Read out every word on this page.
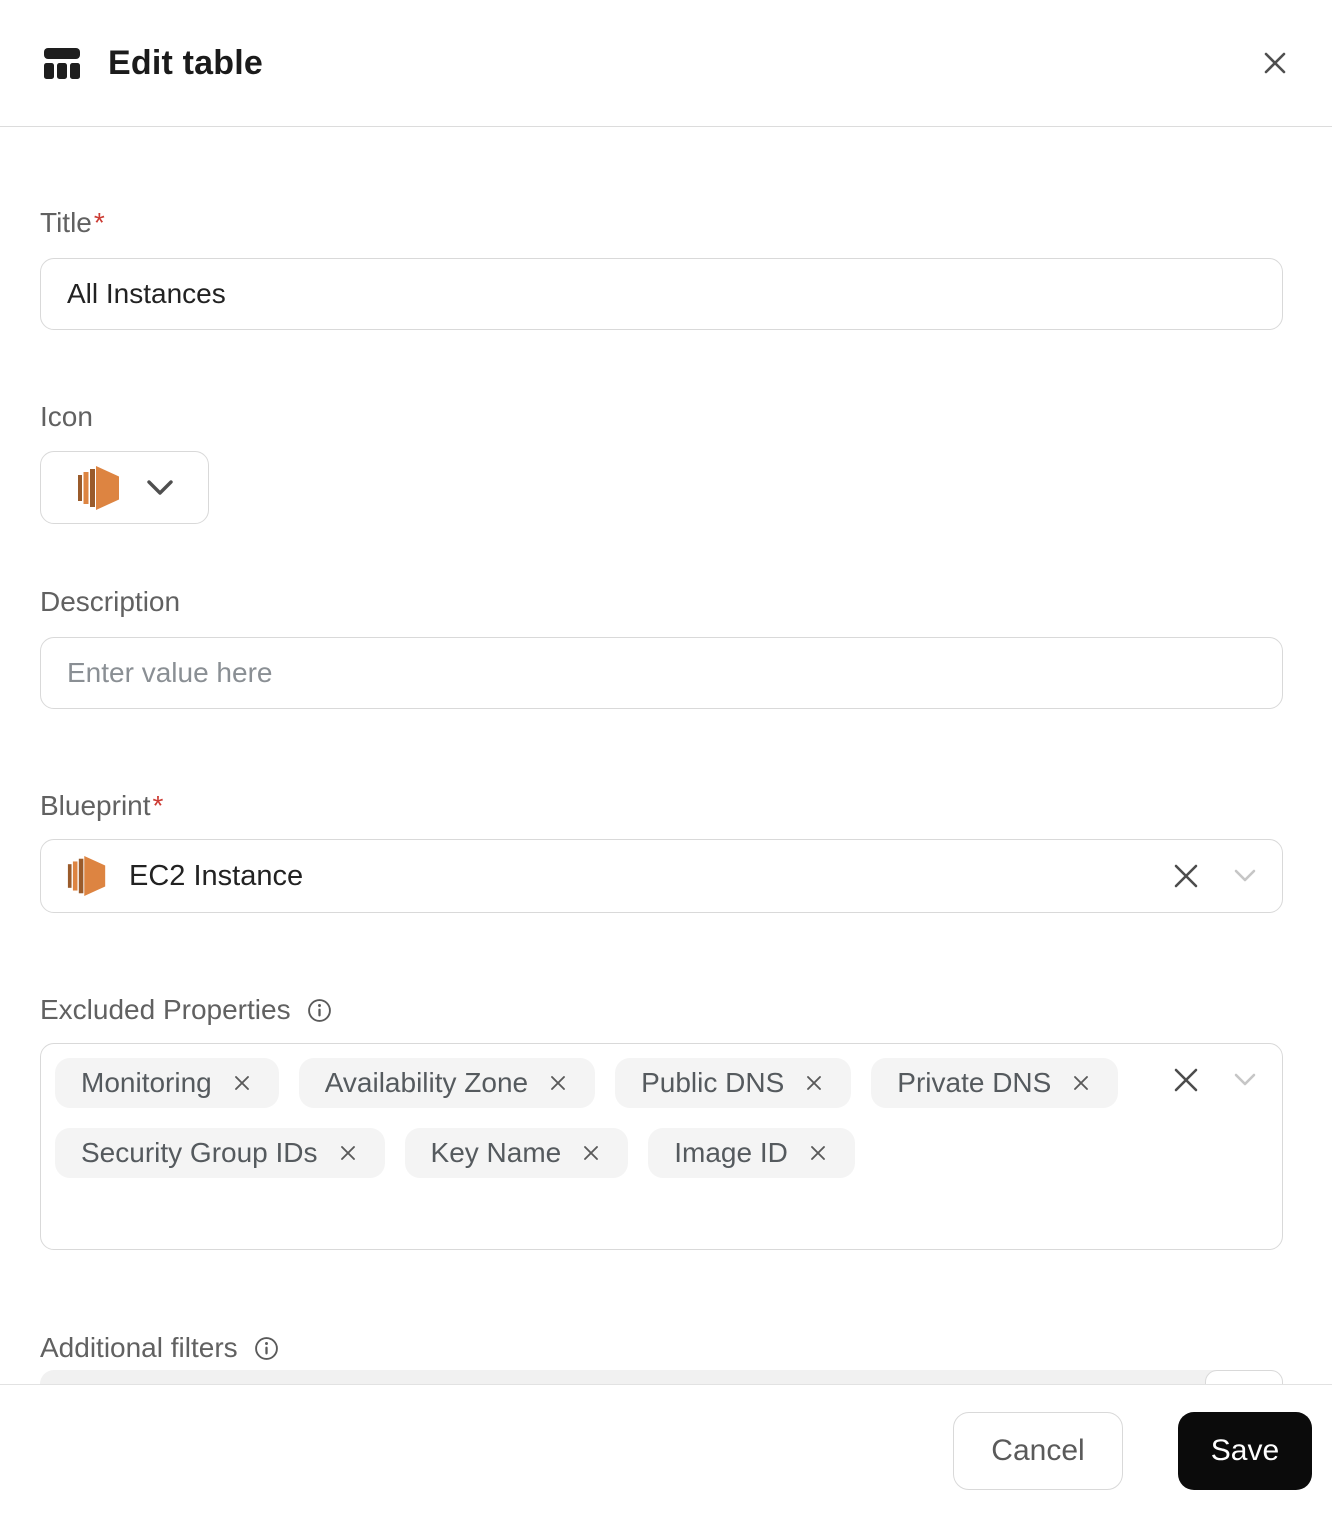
Edit table
Title *
All Instances
Icon
Description
Enter value here
Blueprint *
EC2 Instance
Excluded Properties
Monitoring	Availability Zone	Public DNS	Private DNS
Security Group IDs	Key Name	Image ID
Additional filters
Cancel	Save
